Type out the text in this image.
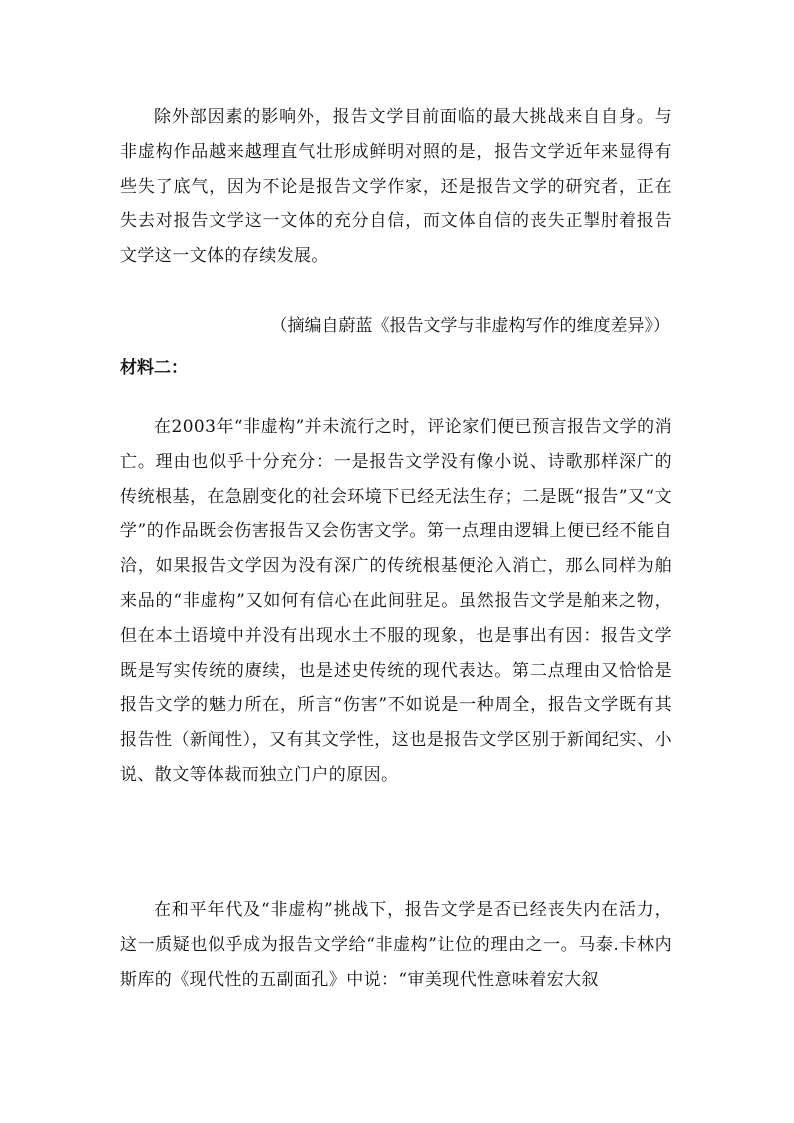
除外部因素的影响外，报告文学目前面临的最大挑战来自自身。与非虚构作品越来越理直气壮形成鲜明对照的是，报告文学近年来显得有些失了底气，因为不论是报告文学作家，还是报告文学的研究者，正在失去对报告文学这一文体的充分自信，而文体自信的丧失正掣肘着报告文学这一文体的存续发展。

（摘编自蔚蓝《报告文学与非虚构写作的维度差异》）
材料二：

在2003年“非虚构”并未流行之时，评论家们便已预言报告文学的消亡。理由也似乎十分充分：一是报告文学没有像小说、诗歌那样深广的传统根基，在急剧变化的社会环境下已经无法生存；二是既“报告”又“文学”的作品既会伤害报告又会伤害文学。第一点理由逻辑上便已经不能自洽，如果报告文学因为没有深广的传统根基便沦入消亡，那么同样为舶来品的“非虚构”又如何有信心在此间驻足。虽然报告文学是舶来之物，但在本土语境中并没有出现水土不服的现象，也是事出有因：报告文学既是写实传统的赓续，也是述史传统的现代表达。第二点理由又恰恰是报告文学的魅力所在，所言“伤害”不如说是一种周全，报告文学既有其报告性（新闻性），又有其文学性，这也是报告文学区别于新闻纪实、小说、散文等体裁而独立门户的原因。

在和平年代及“非虚构”挑战下，报告文学是否已经丧失内在活力，这一质疑也似乎成为报告文学给“非虚构”让位的理由之一。马泰.卡林内斯库的《现代性的五副面孔》中说：“审美现代性意味着宏大叙
